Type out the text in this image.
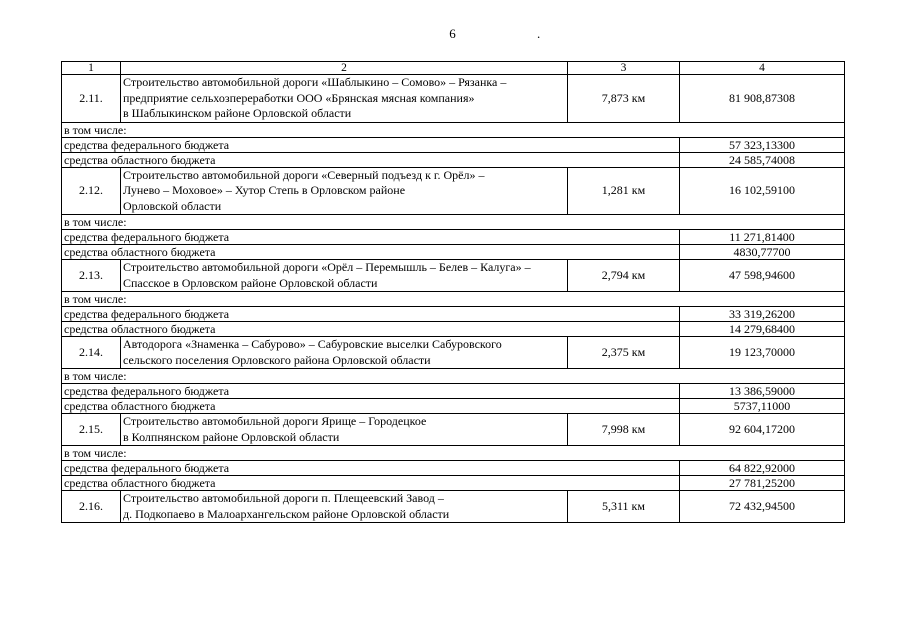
6	.
1	2	3	4
2.11.	Строительство автомобильной дороги «Шаблыкино – Сомово» – Рязанка –
предприятие сельхозпереработки ООО «Брянская мясная компания»
в Шаблыкинском районе Орловской области	7,873 км	81 908,87308
в том числе:			
средства федерального бюджета			57 323,13300
средства областного бюджета			24 585,74008
2.12.	Строительство автомобильной дороги «Северный подъезд к г. Орёл» –
Лунево – Моховое» – Хутор Степь в Орловском районе
Орловской области	1,281 км	16 102,59100
в том числе:			
средства федерального бюджета			11 271,81400
средства областного бюджета			4830,77700
2.13.	Строительство автомобильной дороги «Орёл – Перемышль – Белев – Калуга» –
Спасское в Орловском районе Орловской области	2,794 км	47 598,94600
в том числе:			
средства федерального бюджета			33 319,26200
средства областного бюджета			14 279,68400
2.14.	Автодорога «Знаменка – Сабурово» – Сабуровские выселки Сабуровского
сельского поселения Орловского района Орловской области	2,375 км	19 123,70000
в том числе:			
средства федерального бюджета			13 386,59000
средства областного бюджета			5737,11000
2.15.	Строительство автомобильной дороги Ярище – Городецкое
в Колпнянском районе Орловской области	7,998 км	92 604,17200
в том числе:			
средства федерального бюджета			64 822,92000
средства областного бюджета			27 781,25200
2.16.	Строительство автомобильной дороги п. Плещеевский Завод –
д. Подкопаево в Малоархангельском районе Орловской области	5,311 км	72 432,94500
